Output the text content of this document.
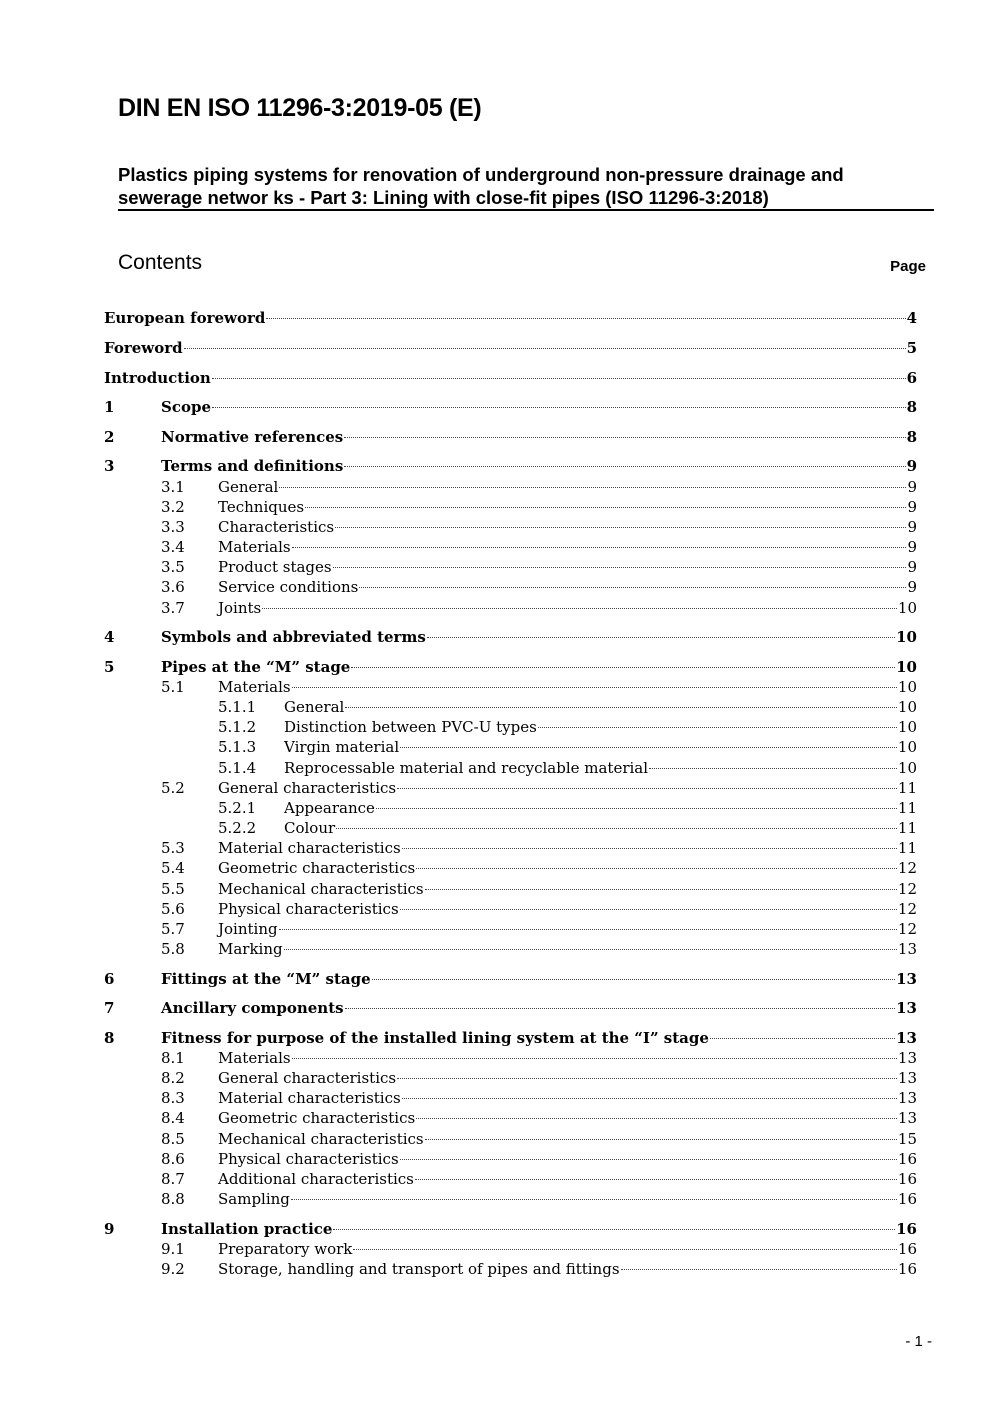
DIN EN ISO 11296-3:2019-05 (E)
Plastics piping systems for renovation of underground non-pressure drainage and
sewerage networ ks - Part 3: Lining with close-fit pipes (ISO 11296-3:2018)
Contents	Page
European foreword	4
Foreword	5
Introduction	6
1	Scope	8
2	Normative references	8
3	Terms and definitions	9
3.1 General	9
3.2 Techniques	9
3.3 Characteristics	9
3.4 Materials	9
3.5 Product stages	9
3.6 Service conditions	9
3.7 Joints	10
4	Symbols and abbreviated terms	10
5	Pipes at the “M” stage	10
5.1 Materials	10
5.1.1 General	10
5.1.2 Distinction between PVC-U types	10
5.1.3 Virgin material	10
5.1.4 Reprocessable material and recyclable material	10
5.2 General characteristics	11
5.2.1 Appearance	11
5.2.2 Colour	11
5.3 Material characteristics	11
5.4 Geometric characteristics	12
5.5 Mechanical characteristics	12
5.6 Physical characteristics	12
5.7 Jointing	12
5.8 Marking	13
6	Fittings at the “M” stage	13
7	Ancillary components	13
8	Fitness for purpose of the installed lining system at the “I” stage	13
8.1 Materials	13
8.2 General characteristics	13
8.3 Material characteristics	13
8.4 Geometric characteristics	13
8.5 Mechanical characteristics	15
8.6 Physical characteristics	16
8.7 Additional characteristics	16
8.8 Sampling	16
9	Installation practice	16
9.1 Preparatory work	16
9.2 Storage, handling and transport of pipes and fittings	16
- 1 -
